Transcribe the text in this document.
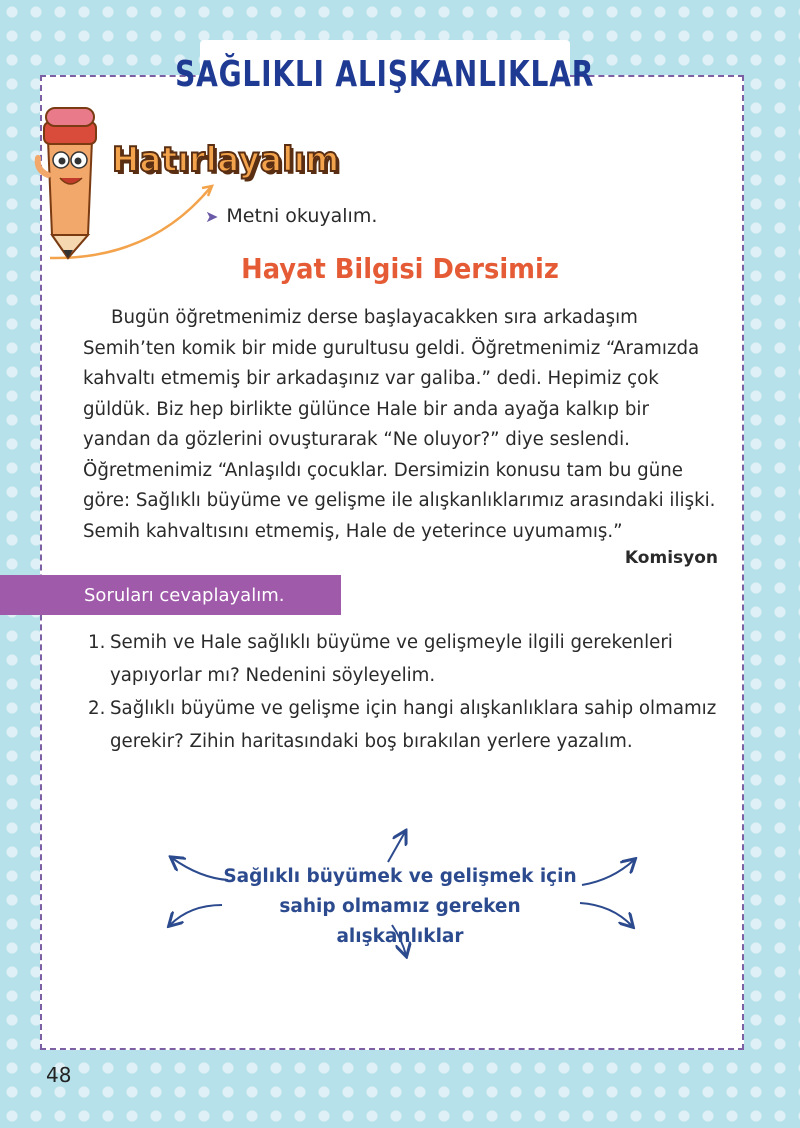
SAĞLIKLI ALIŞKANLIKLAR
Hatırlayalım
➤ Metni okuyalım.
Hayat Bilgisi Dersimiz

Bugün öğretmenimiz derse başlayacakken sıra arkadaşım
Semih’ten komik bir mide gurultusu geldi. Öğretmenimiz “Aramızda
kahvaltı etmemiş bir arkadaşınız var galiba.” dedi. Hepimiz çok
güldük. Biz hep birlikte gülünce Hale bir anda ayağa kalkıp bir
yandan da gözlerini ovuşturarak “Ne oluyor?” diye seslendi.
Öğretmenimiz “Anlaşıldı çocuklar. Dersimizin konusu tam bu güne
göre: Sağlıklı büyüme ve gelişme ile alışkanlıklarımız arasındaki ilişki.
Semih kahvaltısını etmemiş, Hale de yeterince uyumamış.”

Komisyon
Soruları cevaplayalım.
1. Semih ve Hale sağlıklı büyüme ve gelişmeyle ilgili gerekenleri
yapıyorlar mı? Nedenini söyleyelim.
2. Sağlıklı büyüme ve gelişme için hangi alışkanlıklara sahip olmamız
gerekir? Zihin haritasındaki boş bırakılan yerlere yazalım.
Sağlıklı büyümek ve gelişmek için
sahip olmamız gereken alışkanlıklar
48
